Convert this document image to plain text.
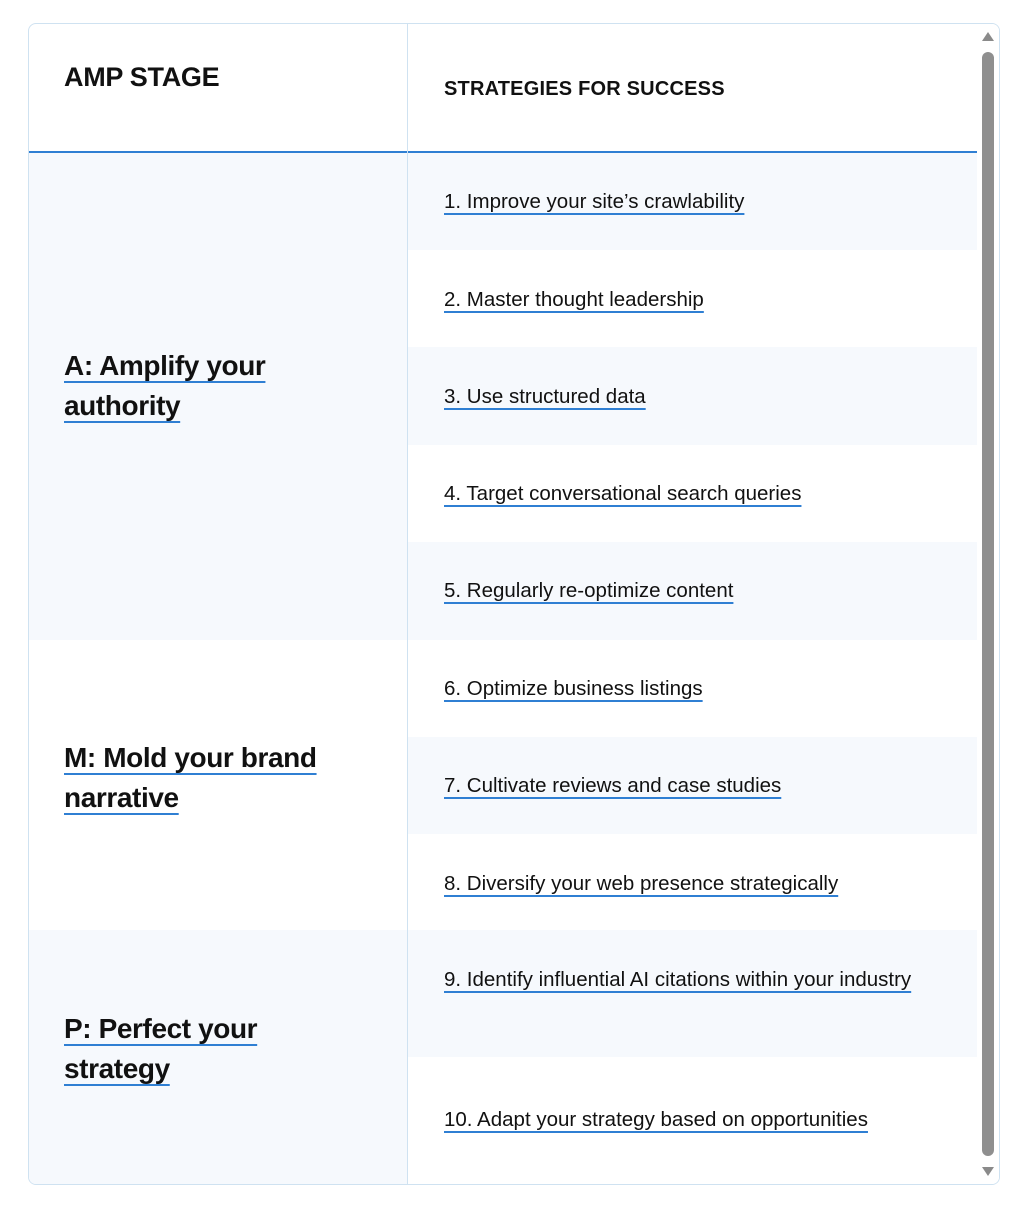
AMP STAGE	STRATEGIES FOR SUCCESS
A: Amplify your authority
M: Mold your brand narrative
P: Perfect your strategy
1. Improve your site’s crawlability
2. Master thought leadership
3. Use structured data
4. Target conversational search queries
5. Regularly re-optimize content
6. Optimize business listings
7. Cultivate reviews and case studies
8. Diversify your web presence strategically
9. Identify influential AI citations within your industry
10. Adapt your strategy based on opportunities
